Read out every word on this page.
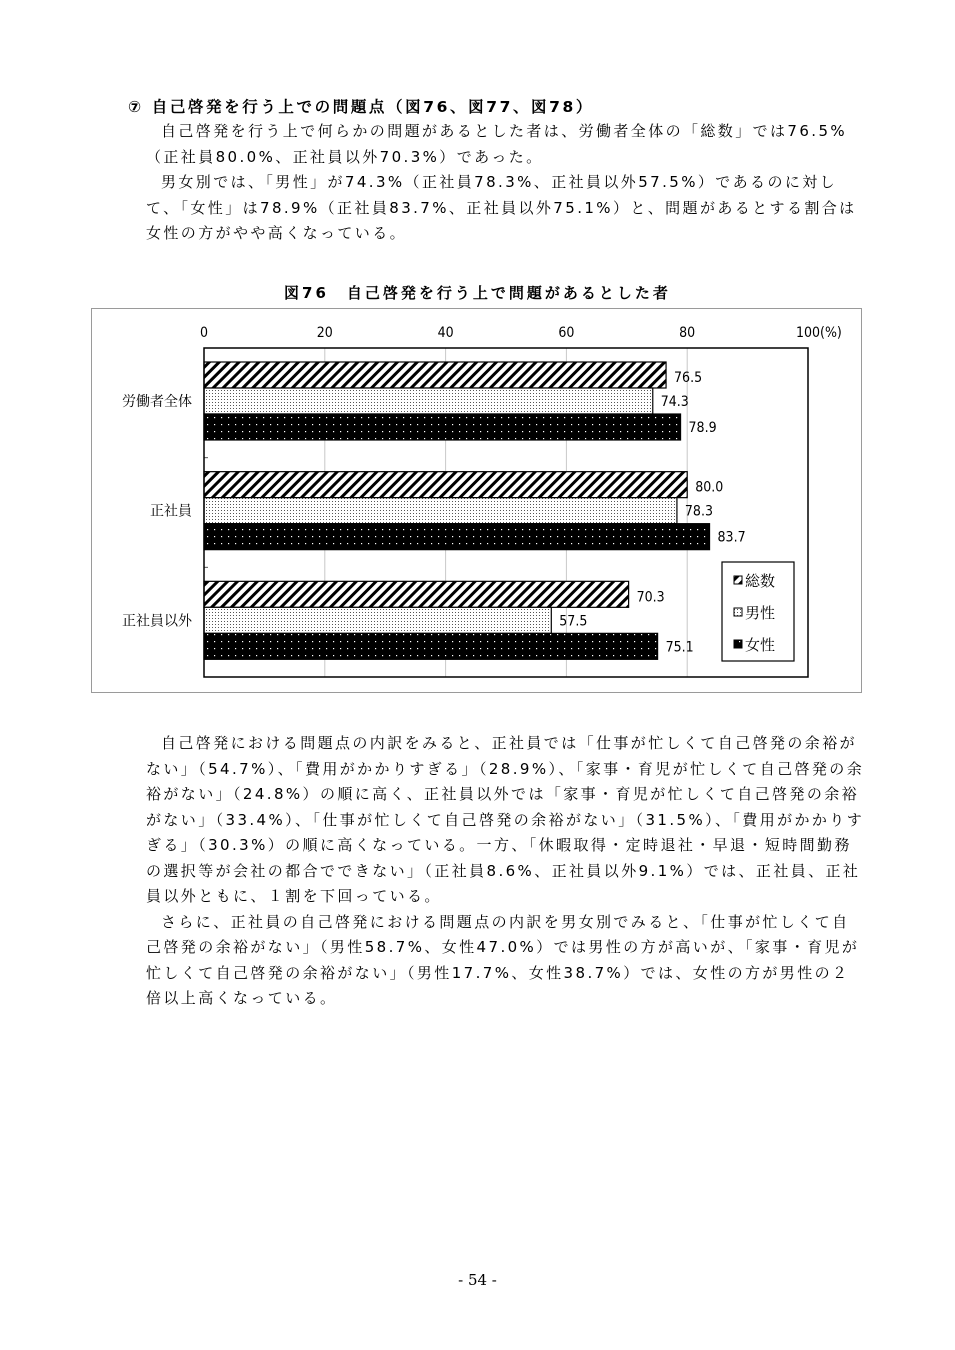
⑦ 自己啓発を行う上での問題点（図76、図77、図78）

自己啓発を行う上で何らかの問題があるとした者は、労働者全体の「総数」では76.5%（正社員80.0%、正社員以外70.3%）であった。

男女別では、「男性」が74.3%（正社員78.3%、正社員以外57.5%）であるのに対して、「女性」は78.9%（正社員83.7%、正社員以外75.1%）と、問題があるとする割合は女性の方がやや高くなっている。

図76　自己啓発を行う上で問題があるとした者
0	20	40	60	80	100(%)
労働者全体
正社員
正社員以外
76.5
74.3
78.9
80.0
78.3
83.7
70.3
57.5
75.1
総数
男性
女性

自己啓発における問題点の内訳をみると、正社員では「仕事が忙しくて自己啓発の余裕がない」（54.7%）、「費用がかかりすぎる」（28.9%）、「家事・育児が忙しくて自己啓発の余裕がない」（24.8%）の順に高く、正社員以外では「家事・育児が忙しくて自己啓発の余裕がない」（33.4%）、「仕事が忙しくて自己啓発の余裕がない」（31.5%）、「費用がかかりすぎる」（30.3%）の順に高くなっている。一方、「休暇取得・定時退社・早退・短時間勤務の選択等が会社の都合でできない」（正社員8.6%、正社員以外9.1%）では、正社員、正社員以外ともに、１割を下回っている。

さらに、正社員の自己啓発における問題点の内訳を男女別でみると、「仕事が忙しくて自己啓発の余裕がない」（男性58.7%、女性47.0%）では男性の方が高いが、「家事・育児が忙しくて自己啓発の余裕がない」（男性17.7%、女性38.7%）では、女性の方が男性の２倍以上高くなっている。

- 54 -
